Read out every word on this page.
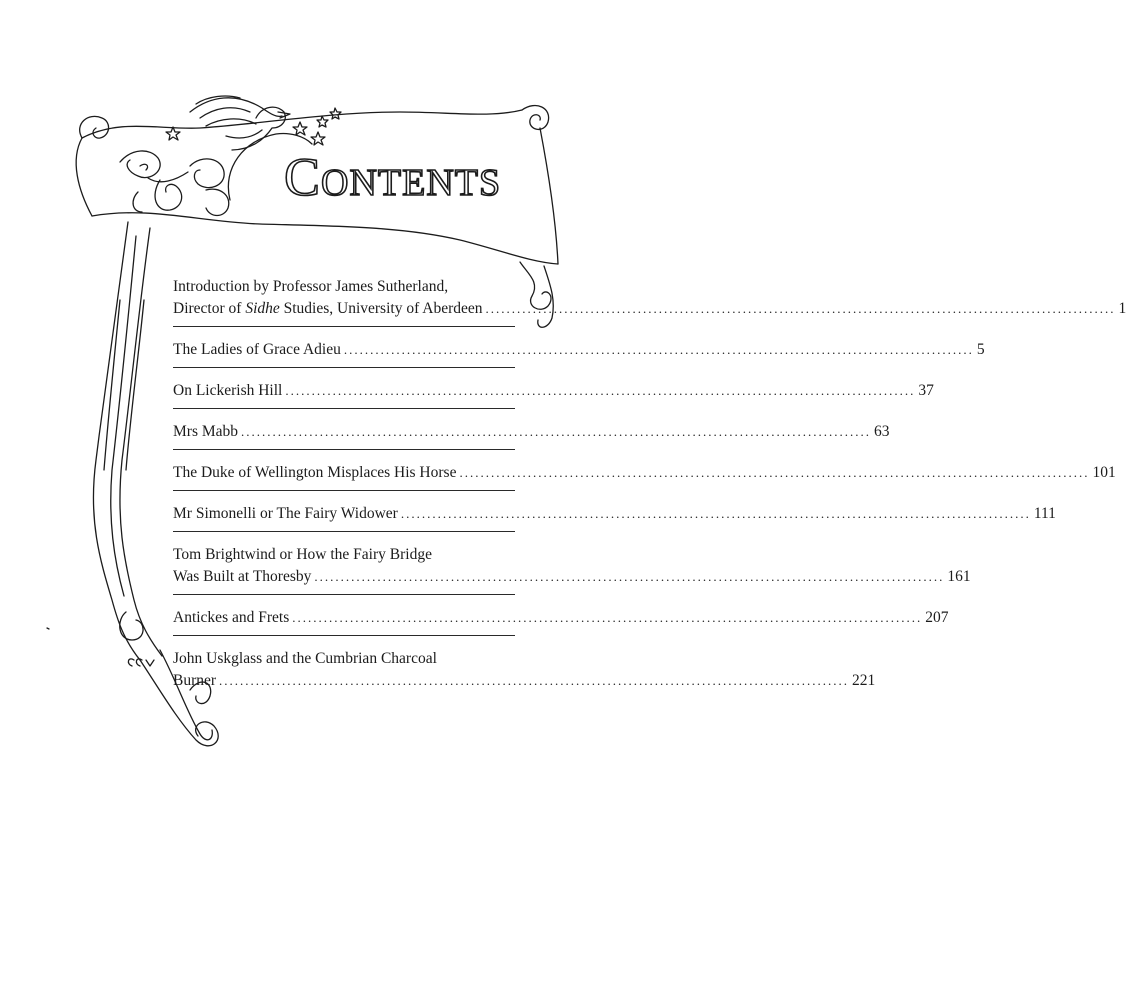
Contents
Introduction by Professor James Sutherland,
Director of Sidhe Studies, University of Aberdeen ........................................................................................................................ 1
The Ladies of Grace Adieu ........................................................................................................................ 5
On Lickerish Hill ........................................................................................................................ 37
Mrs Mabb ........................................................................................................................ 63
The Duke of Wellington Misplaces His Horse ........................................................................................................................ 101
Mr Simonelli or The Fairy Widower ........................................................................................................................ 111
Tom Brightwind or How the Fairy Bridge
Was Built at Thoresby ........................................................................................................................ 161
Antickes and Frets ........................................................................................................................ 207
John Uskglass and the Cumbrian Charcoal
Burner ........................................................................................................................ 221
